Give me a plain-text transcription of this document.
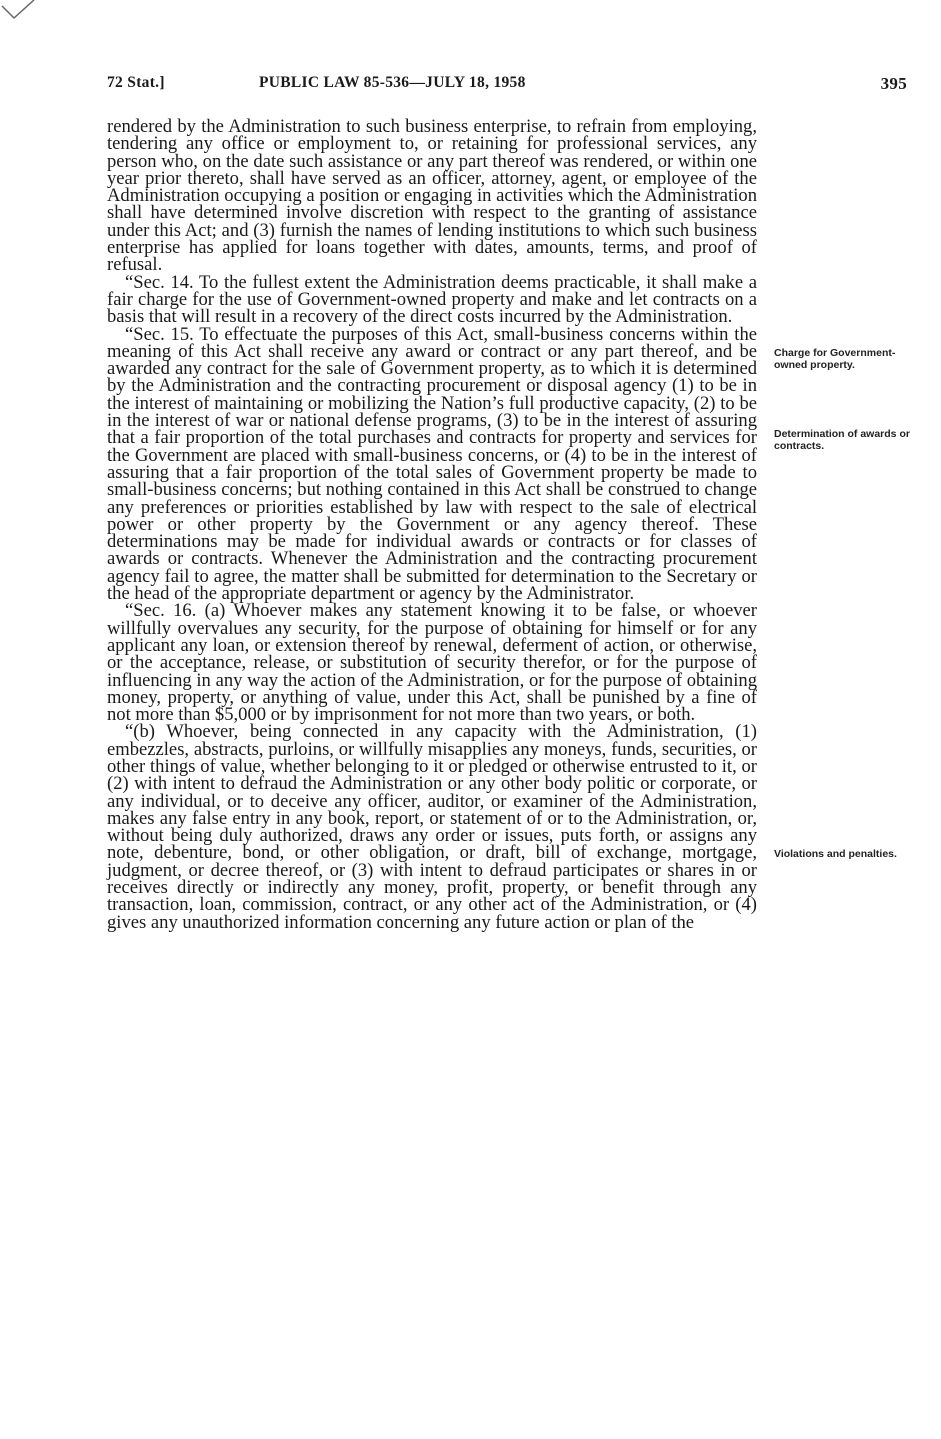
72 Stat.]	PUBLIC LAW 85-536—JULY 18, 1958	395

rendered by the Administration to such business enterprise, to refrain from employing, tendering any office or employment to, or retaining for professional services, any person who, on the date such assistance or any part thereof was rendered, or within one year prior thereto, shall have served as an officer, attorney, agent, or employee of the Administration occupying a position or engaging in activities which the Administration shall have determined involve discretion with respect to the granting of assistance under this Act; and (3) furnish the names of lending institutions to which such business enterprise has applied for loans together with dates, amounts, terms, and proof of refusal.

“Sec. 14. To the fullest extent the Administration deems practicable, it shall make a fair charge for the use of Government-owned property and make and let contracts on a basis that will result in a recovery of the direct costs incurred by the Administration.

“Sec. 15. To effectuate the purposes of this Act, small-business concerns within the meaning of this Act shall receive any award or contract or any part thereof, and be awarded any contract for the sale of Government property, as to which it is determined by the Administration and the contracting procurement or disposal agency (1) to be in the interest of maintaining or mobilizing the Nation’s full productive capacity, (2) to be in the interest of war or national defense programs, (3) to be in the interest of assuring that a fair proportion of the total purchases and contracts for property and services for the Government are placed with small-business concerns, or (4) to be in the interest of assuring that a fair proportion of the total sales of Government property be made to small-business concerns; but nothing contained in this Act shall be construed to change any preferences or priorities established by law with respect to the sale of electrical power or other property by the Government or any agency thereof. These determinations may be made for individual awards or contracts or for classes of awards or contracts. Whenever the Administration and the contracting procurement agency fail to agree, the matter shall be submitted for determination to the Secretary or the head of the appropriate department or agency by the Administrator.

“Sec. 16. (a) Whoever makes any statement knowing it to be false, or whoever willfully overvalues any security, for the purpose of obtaining for himself or for any applicant any loan, or extension thereof by renewal, deferment of action, or otherwise, or the acceptance, release, or substitution of security therefor, or for the purpose of influencing in any way the action of the Administration, or for the purpose of obtaining money, property, or anything of value, under this Act, shall be punished by a fine of not more than $5,000 or by imprisonment for not more than two years, or both.

“(b) Whoever, being connected in any capacity with the Administration, (1) embezzles, abstracts, purloins, or willfully misapplies any moneys, funds, securities, or other things of value, whether belonging to it or pledged or otherwise entrusted to it, or (2) with intent to defraud the Administration or any other body politic or corporate, or any individual, or to deceive any officer, auditor, or examiner of the Administration, makes any false entry in any book, report, or statement of or to the Administration, or, without being duly authorized, draws any order or issues, puts forth, or assigns any note, debenture, bond, or other obligation, or draft, bill of exchange, mortgage, judgment, or decree thereof, or (3) with intent to defraud participates or shares in or receives directly or indirectly any money, profit, property, or benefit through any transaction, loan, commission, contract, or any other act of the Administration, or (4) gives any unauthorized information concerning any future action or plan of the

Charge for Government-owned property.
Determination of awards or contracts.
Violations and penalties.
